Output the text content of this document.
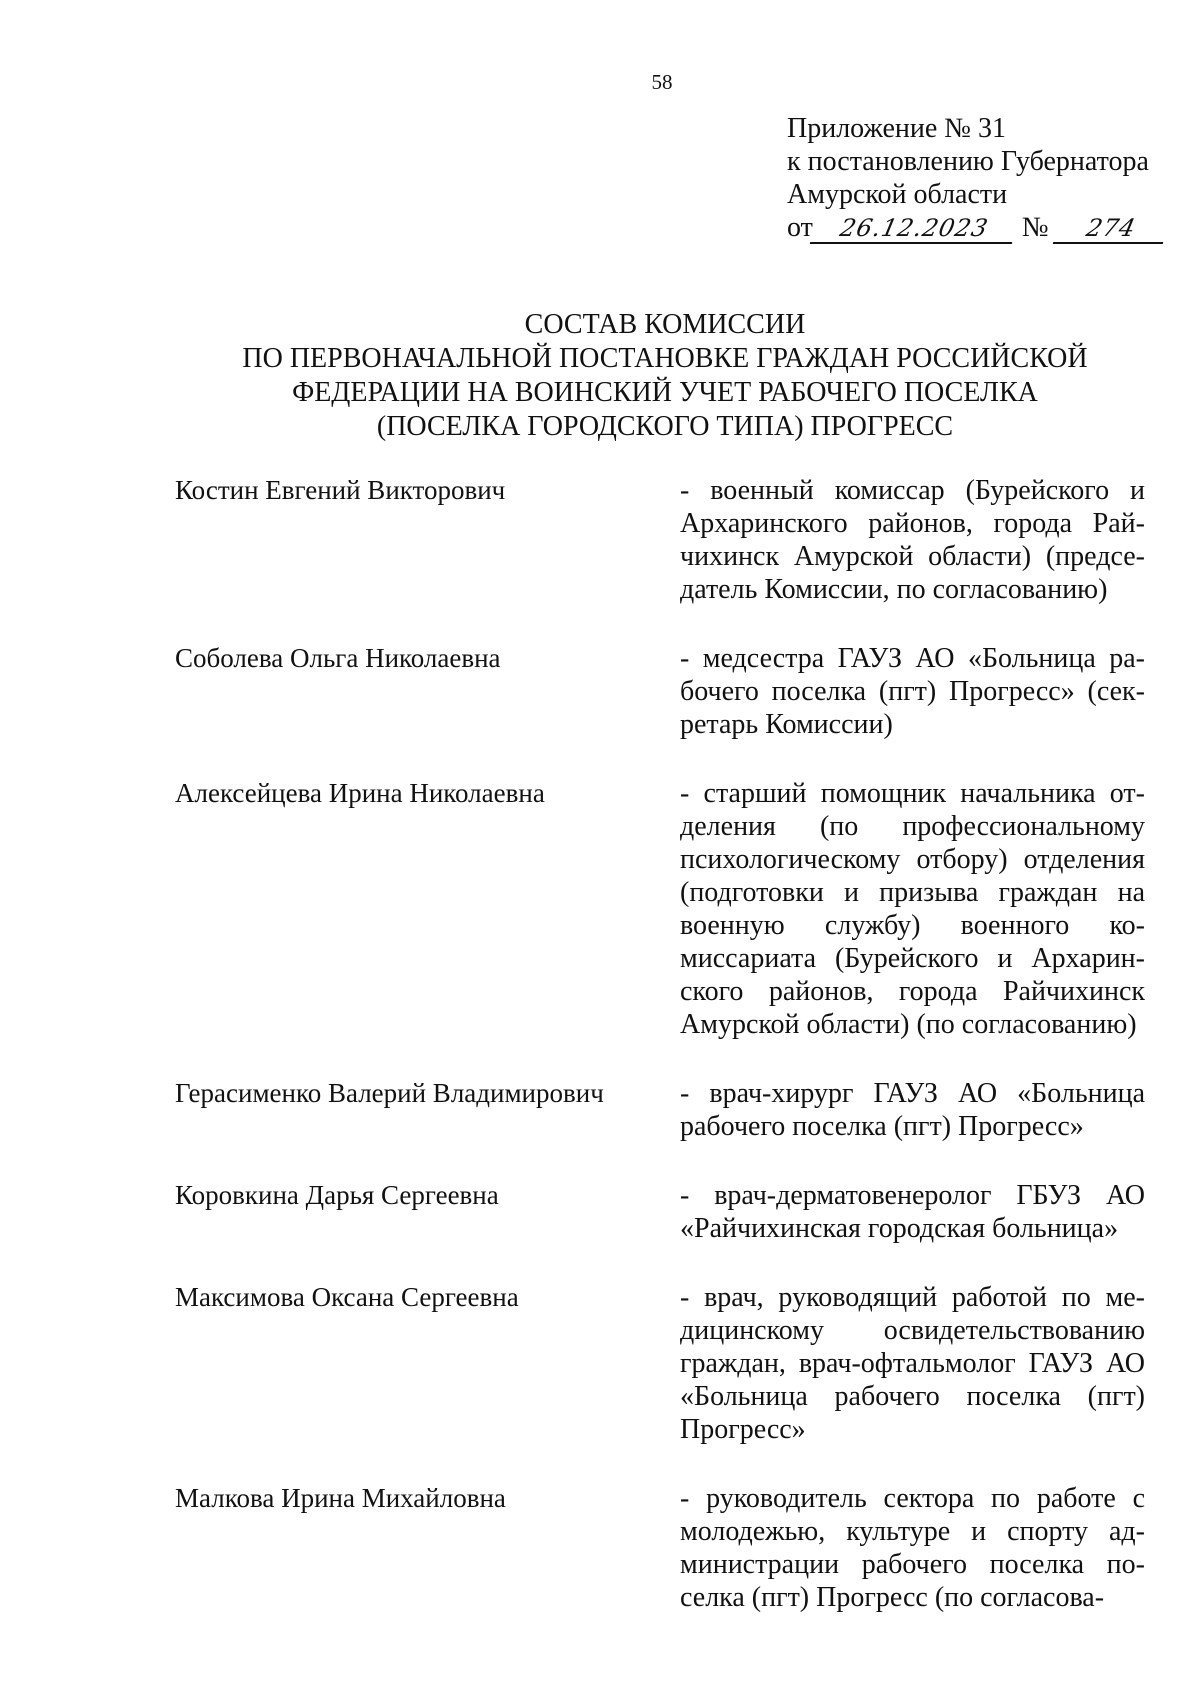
58
Приложение № 31
к постановлению Губернатора
Амурской области
от 26.12.2023 № 274
СОСТАВ КОМИССИИ
ПО ПЕРВОНАЧАЛЬНОЙ ПОСТАНОВКЕ ГРАЖДАН РОССИЙСКОЙ
ФЕДЕРАЦИИ НА ВОИНСКИЙ УЧЕТ РАБОЧЕГО ПОСЕЛКА
(ПОСЕЛКА ГОРОДСКОГО ТИПА) ПРОГРЕСС
Костин Евгений Викторович	- военный комиссар (Бурейского и Архаринского районов, города Райчихинск Амурской области) (председатель Комиссии, по согласованию)
Соболева Ольга Николаевна	- медсестра ГАУЗ АО «Больница рабочего поселка (пгт) Прогресс» (секретарь Комиссии)
Алексейцева Ирина Николаевна	- старший помощник начальника отделения (по профессиональному психологическому отбору) отделения (подготовки и призыва граждан на военную службу) военного комиссариата (Бурейского и Архаринского районов, города Райчихинск Амурской области) (по согласованию)
Герасименко Валерий Владимирович	- врач-хирург ГАУЗ АО «Больница рабочего поселка (пгт) Прогресс»
Коровкина Дарья Сергеевна	- врач-дерматовенеролог ГБУЗ АО «Райчихинская городская больница»
Максимова Оксана Сергеевна	- врач, руководящий работой по медицинскому освидетельствованию граждан, врач-офтальмолог ГАУЗ АО «Больница рабочего поселка (пгт) Прогресс»
Малкова Ирина Михайловна	- руководитель сектора по работе с молодежью, культуре и спорту администрации рабочего поселка поселка (пгт) Прогресс (по согласова-
